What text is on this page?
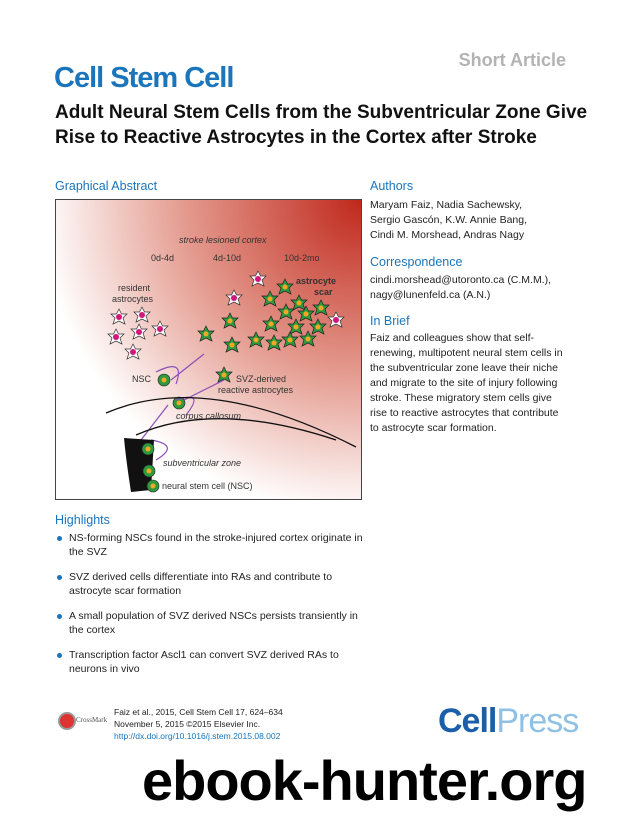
Short Article
Cell Stem Cell
Adult Neural Stem Cells from the Subventricular Zone Give Rise to Reactive Astrocytes in the Cortex after Stroke
Graphical Abstract
stroke lesioned cortex
0d-4d	4d-10d	10d-2mo
resident
astrocytes
astrocyte
scar
NSC	SVZ-derived
reactive astrocytes
corpus callosum
subventricular zone
neural stem cell (NSC)
Authors
Maryam Faiz, Nadia Sachewsky, Sergio Gascón, K.W. Annie Bang, Cindi M. Morshead, Andras Nagy
Correspondence
cindi.morshead@utoronto.ca (C.M.M.),
nagy@lunenfeld.ca (A.N.)
In Brief
Faiz and colleagues show that self-renewing, multipotent neural stem cells in the subventricular zone leave their niche and migrate to the site of injury following stroke. These migratory stem cells give rise to reactive astrocytes that contribute to astrocyte scar formation.
Highlights
NS-forming NSCs found in the stroke-injured cortex originate in the SVZ
SVZ derived cells differentiate into RAs and contribute to astrocyte scar formation
A small population of SVZ derived NSCs persists transiently in the cortex
Transcription factor Ascl1 can convert SVZ derived RAs to neurons in vivo
CrossMark
Faiz et al., 2015, Cell Stem Cell 17, 624–634
November 5, 2015 ©2015 Elsevier Inc.
http://dx.doi.org/10.1016/j.stem.2015.08.002	CellPress
ebook-hunter.org
